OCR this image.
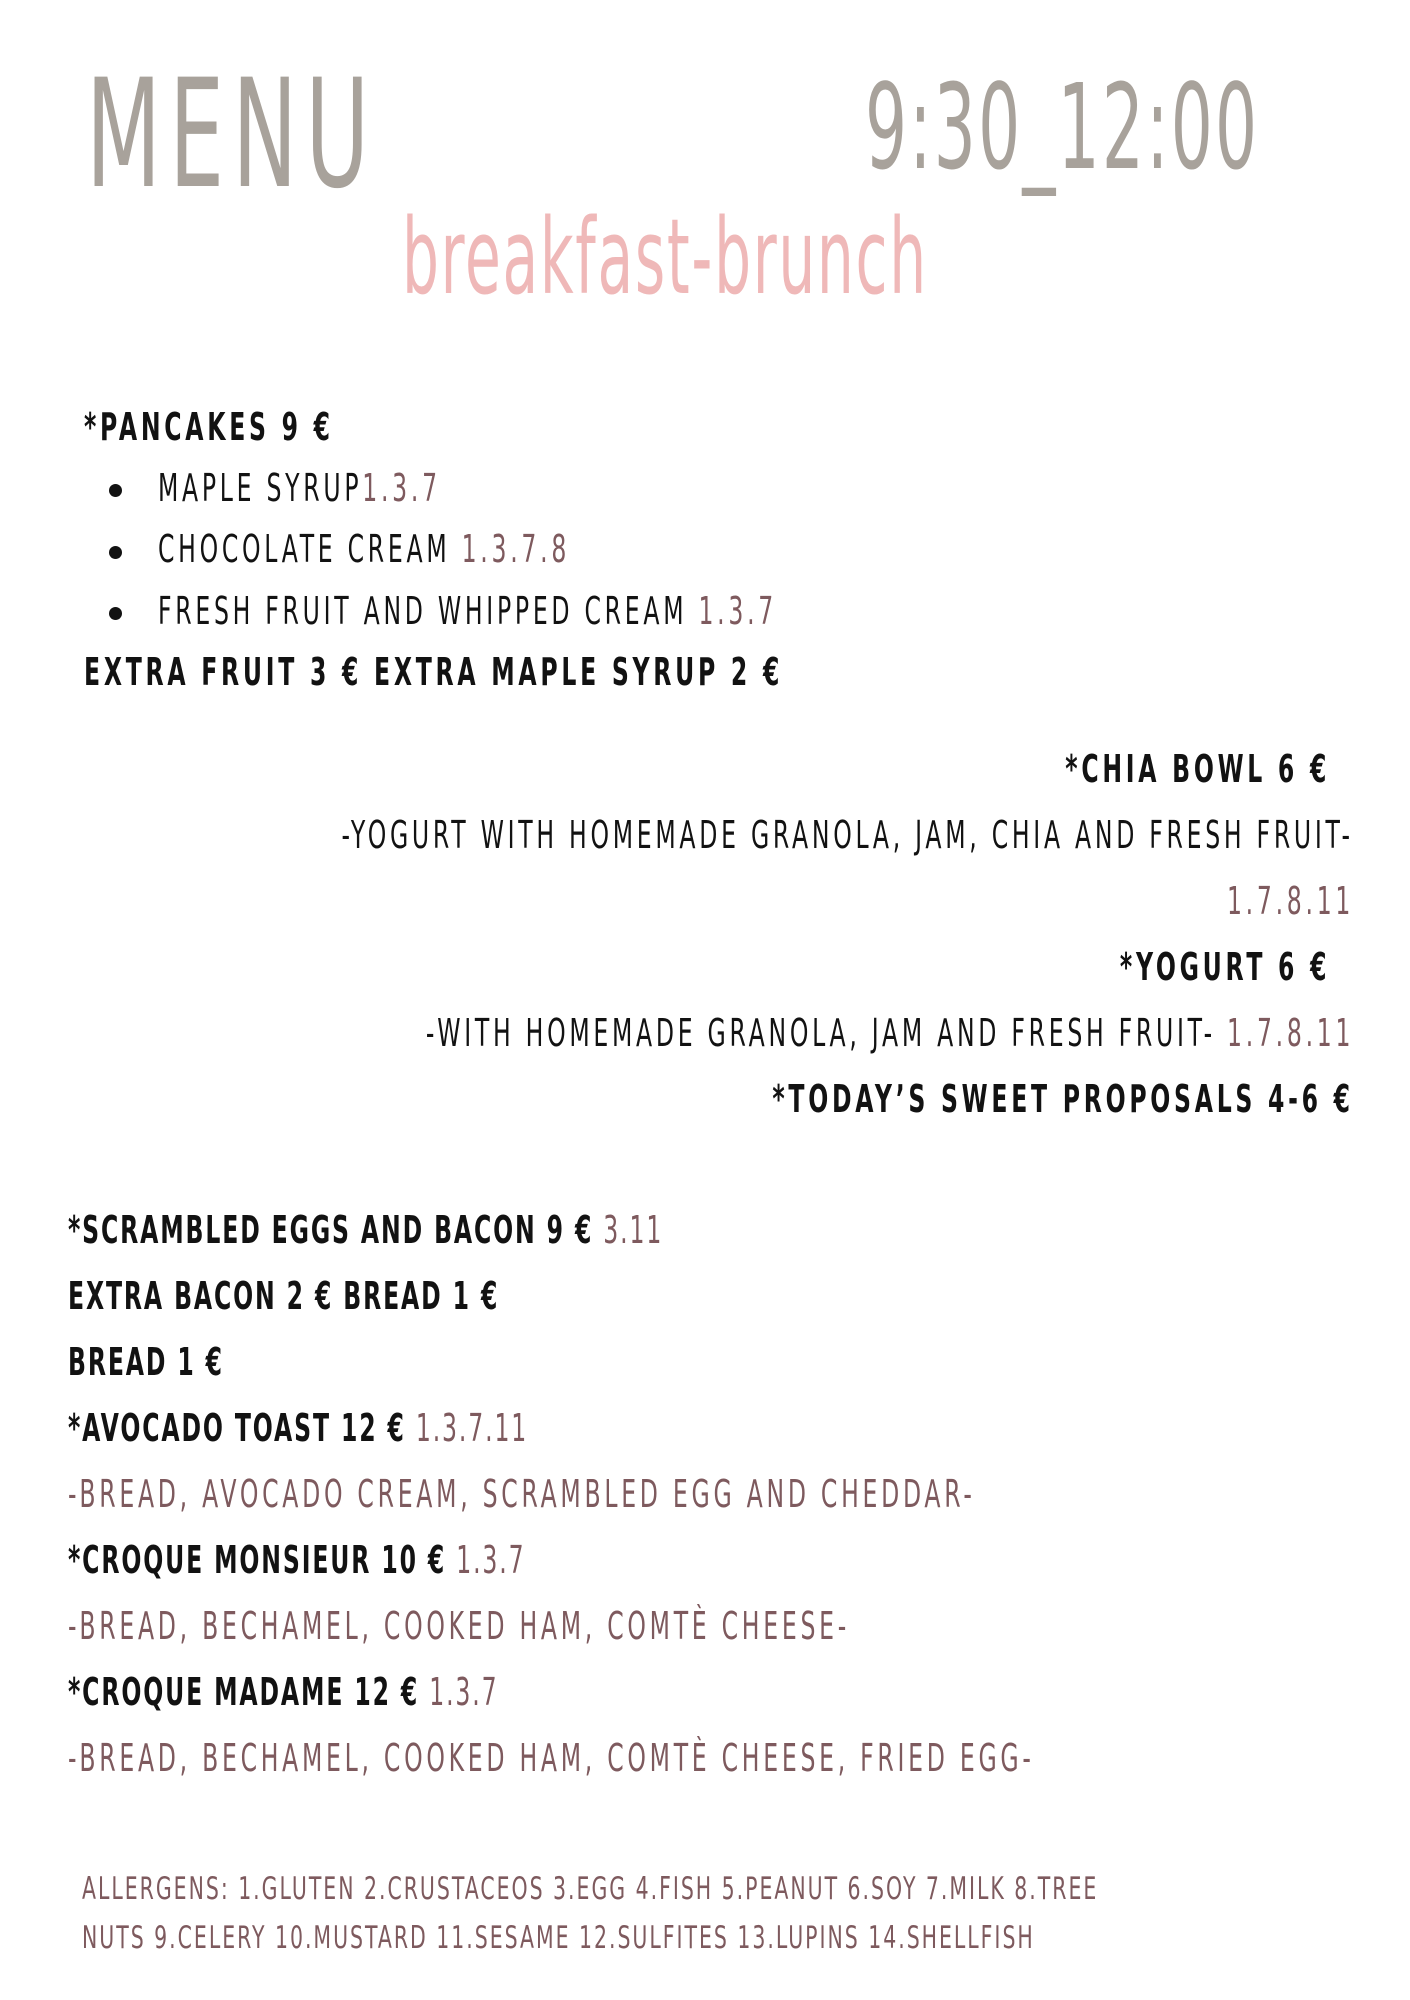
MENU	9:30_12:00
breakfast-brunch
*PANCAKES 9 €
MAPLE SYRUP1.3.7
CHOCOLATE CREAM 1.3.7.8
FRESH FRUIT AND WHIPPED CREAM 1.3.7
EXTRA FRUIT 3 € EXTRA MAPLE SYRUP 2 €
*CHIA BOWL 6 €
-YOGURT WITH HOMEMADE GRANOLA, JAM, CHIA AND FRESH FRUIT-
1.7.8.11
*YOGURT 6 €
-WITH HOMEMADE GRANOLA, JAM AND FRESH FRUIT- 1.7.8.11
*TODAY’S SWEET PROPOSALS 4-6 €
*SCRAMBLED EGGS AND BACON 9 € 3.11
EXTRA BACON 2 € BREAD 1 €
BREAD 1 €
*AVOCADO TOAST 12 € 1.3.7.11
-BREAD, AVOCADO CREAM, SCRAMBLED EGG AND CHEDDAR-
*CROQUE MONSIEUR 10 € 1.3.7
-BREAD, BECHAMEL, COOKED HAM, COMTÈ CHEESE-
*CROQUE MADAME 12 € 1.3.7
-BREAD, BECHAMEL, COOKED HAM, COMTÈ CHEESE, FRIED EGG-
ALLERGENS: 1.GLUTEN 2.CRUSTACEOS 3.EGG 4.FISH 5.PEANUT 6.SOY 7.MILK 8.TREE
NUTS 9.CELERY 10.MUSTARD 11.SESAME 12.SULFITES 13.LUPINS 14.SHELLFISH
